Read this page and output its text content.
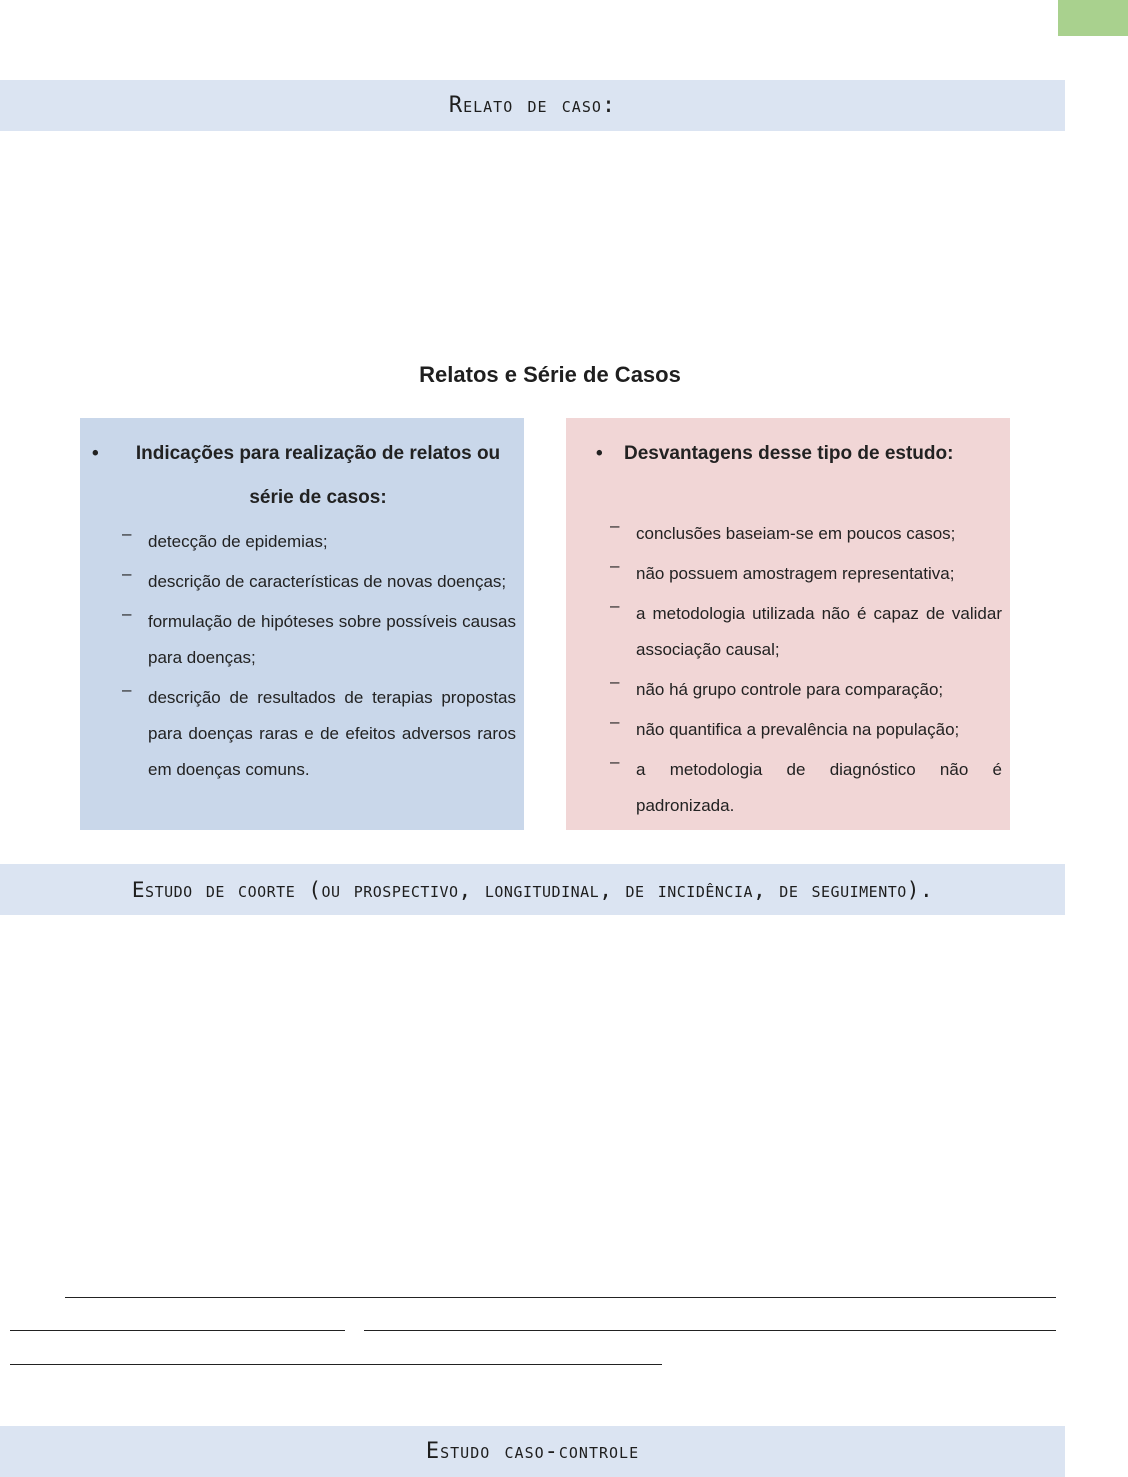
Relato de caso:
Relatos e Série de Casos
•	Indicações para realização de relatos ou série de casos:
– detecção de epidemias;
– descrição de características de novas doenças;
– formulação de hipóteses sobre possíveis causas para doenças;
– descrição de resultados de terapias propostas para doenças raras e de efeitos adversos raros em doenças comuns.
•	Desvantagens desse tipo de estudo:
– conclusões baseiam-se em poucos casos;
– não possuem amostragem representativa;
– a metodologia utilizada não é capaz de validar associação causal;
– não há grupo controle para comparação;
– não quantifica a prevalência na população;
– a metodologia de diagnóstico não é padronizada.
Estudo de coorte (ou prospectivo, longitudinal, de incidência, de seguimento).
Estudo caso-controle
